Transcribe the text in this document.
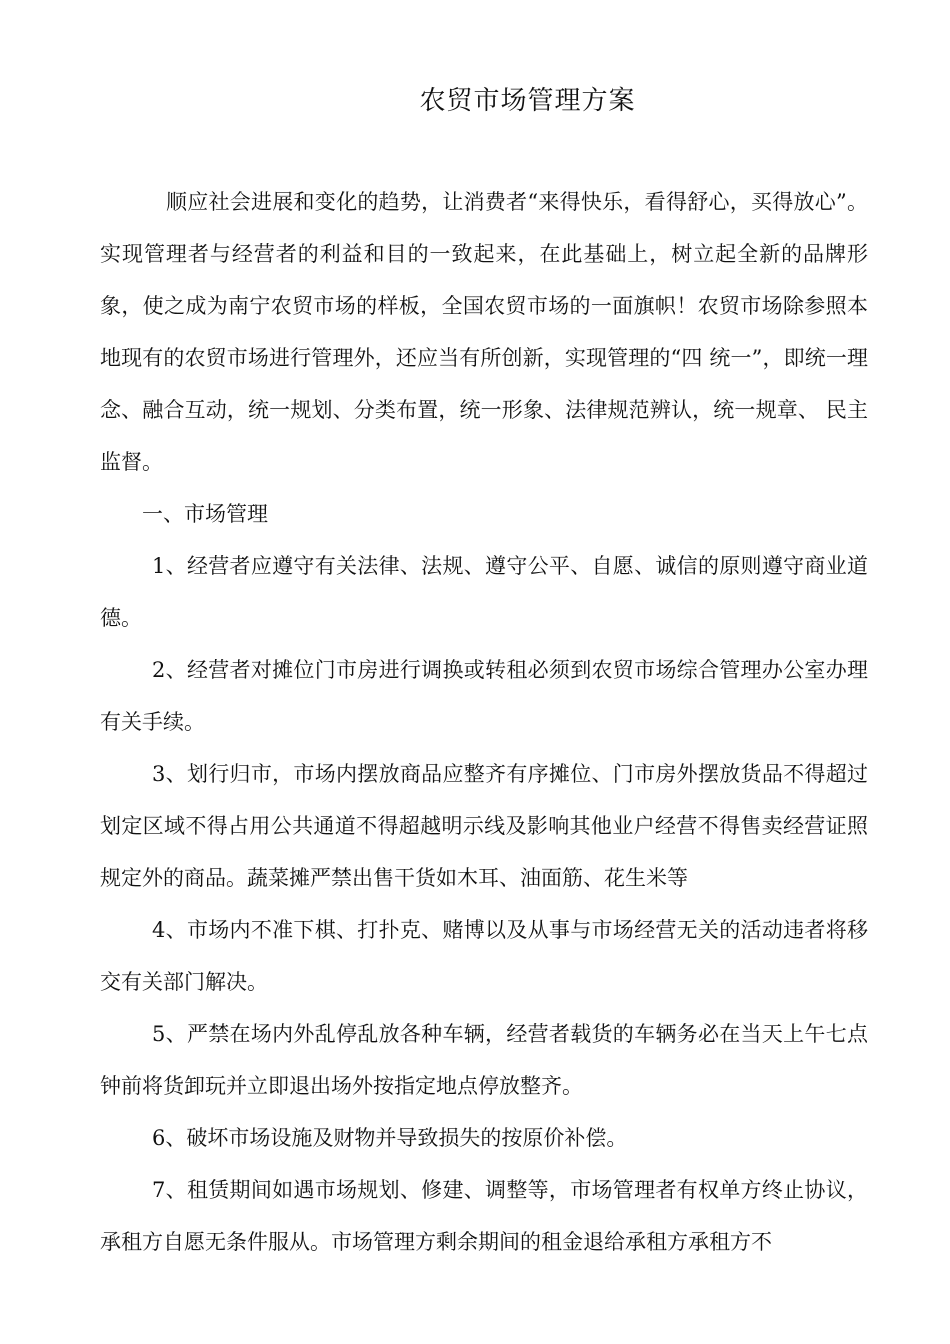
农贸市场管理方案

顺应社会进展和变化的趋势，让消费者“来得快乐，看得舒心，买得放心”。实现管理者与经营者的利益和目的一致起来，在此基础上，树立起全新的品牌形象，使之成为南宁农贸市场的样板，全国农贸市场的一面旗帜！农贸市场除参照本地现有的农贸市场进行管理外，还应当有所创新，实现管理的“四 统一”，即统一理念、融合互动，统一规划、分类布置，统一形象、法律规范辨认，统一规章、 民主监督。

一、市场管理

1、经营者应遵守有关法律、法规、遵守公平、自愿、诚信的原则遵守商业道德。

2、经营者对摊位门市房进行调换或转租必须到农贸市场综合管理办公室办理有关手续。

3、划行归市，市场内摆放商品应整齐有序摊位、门市房外摆放货品不得超过划定区域不得占用公共通道不得超越明示线及影响其他业户经营不得售卖经营证照规定外的商品。蔬菜摊严禁出售干货如木耳、油面筋、花生米等

4、市场内不准下棋、打扑克、赌博以及从事与市场经营无关的活动违者将移交有关部门解决。

5、严禁在场内外乱停乱放各种车辆，经营者载货的车辆务必在当天上午七点钟前将货卸玩并立即退出场外按指定地点停放整齐。

6、破坏市场设施及财物并导致损失的按原价补偿。

7、租赁期间如遇市场规划、修建、调整等，市场管理者有权单方终止协议，承租方自愿无条件服从。市场管理方剩余期间的租金退给承租方承租方不
